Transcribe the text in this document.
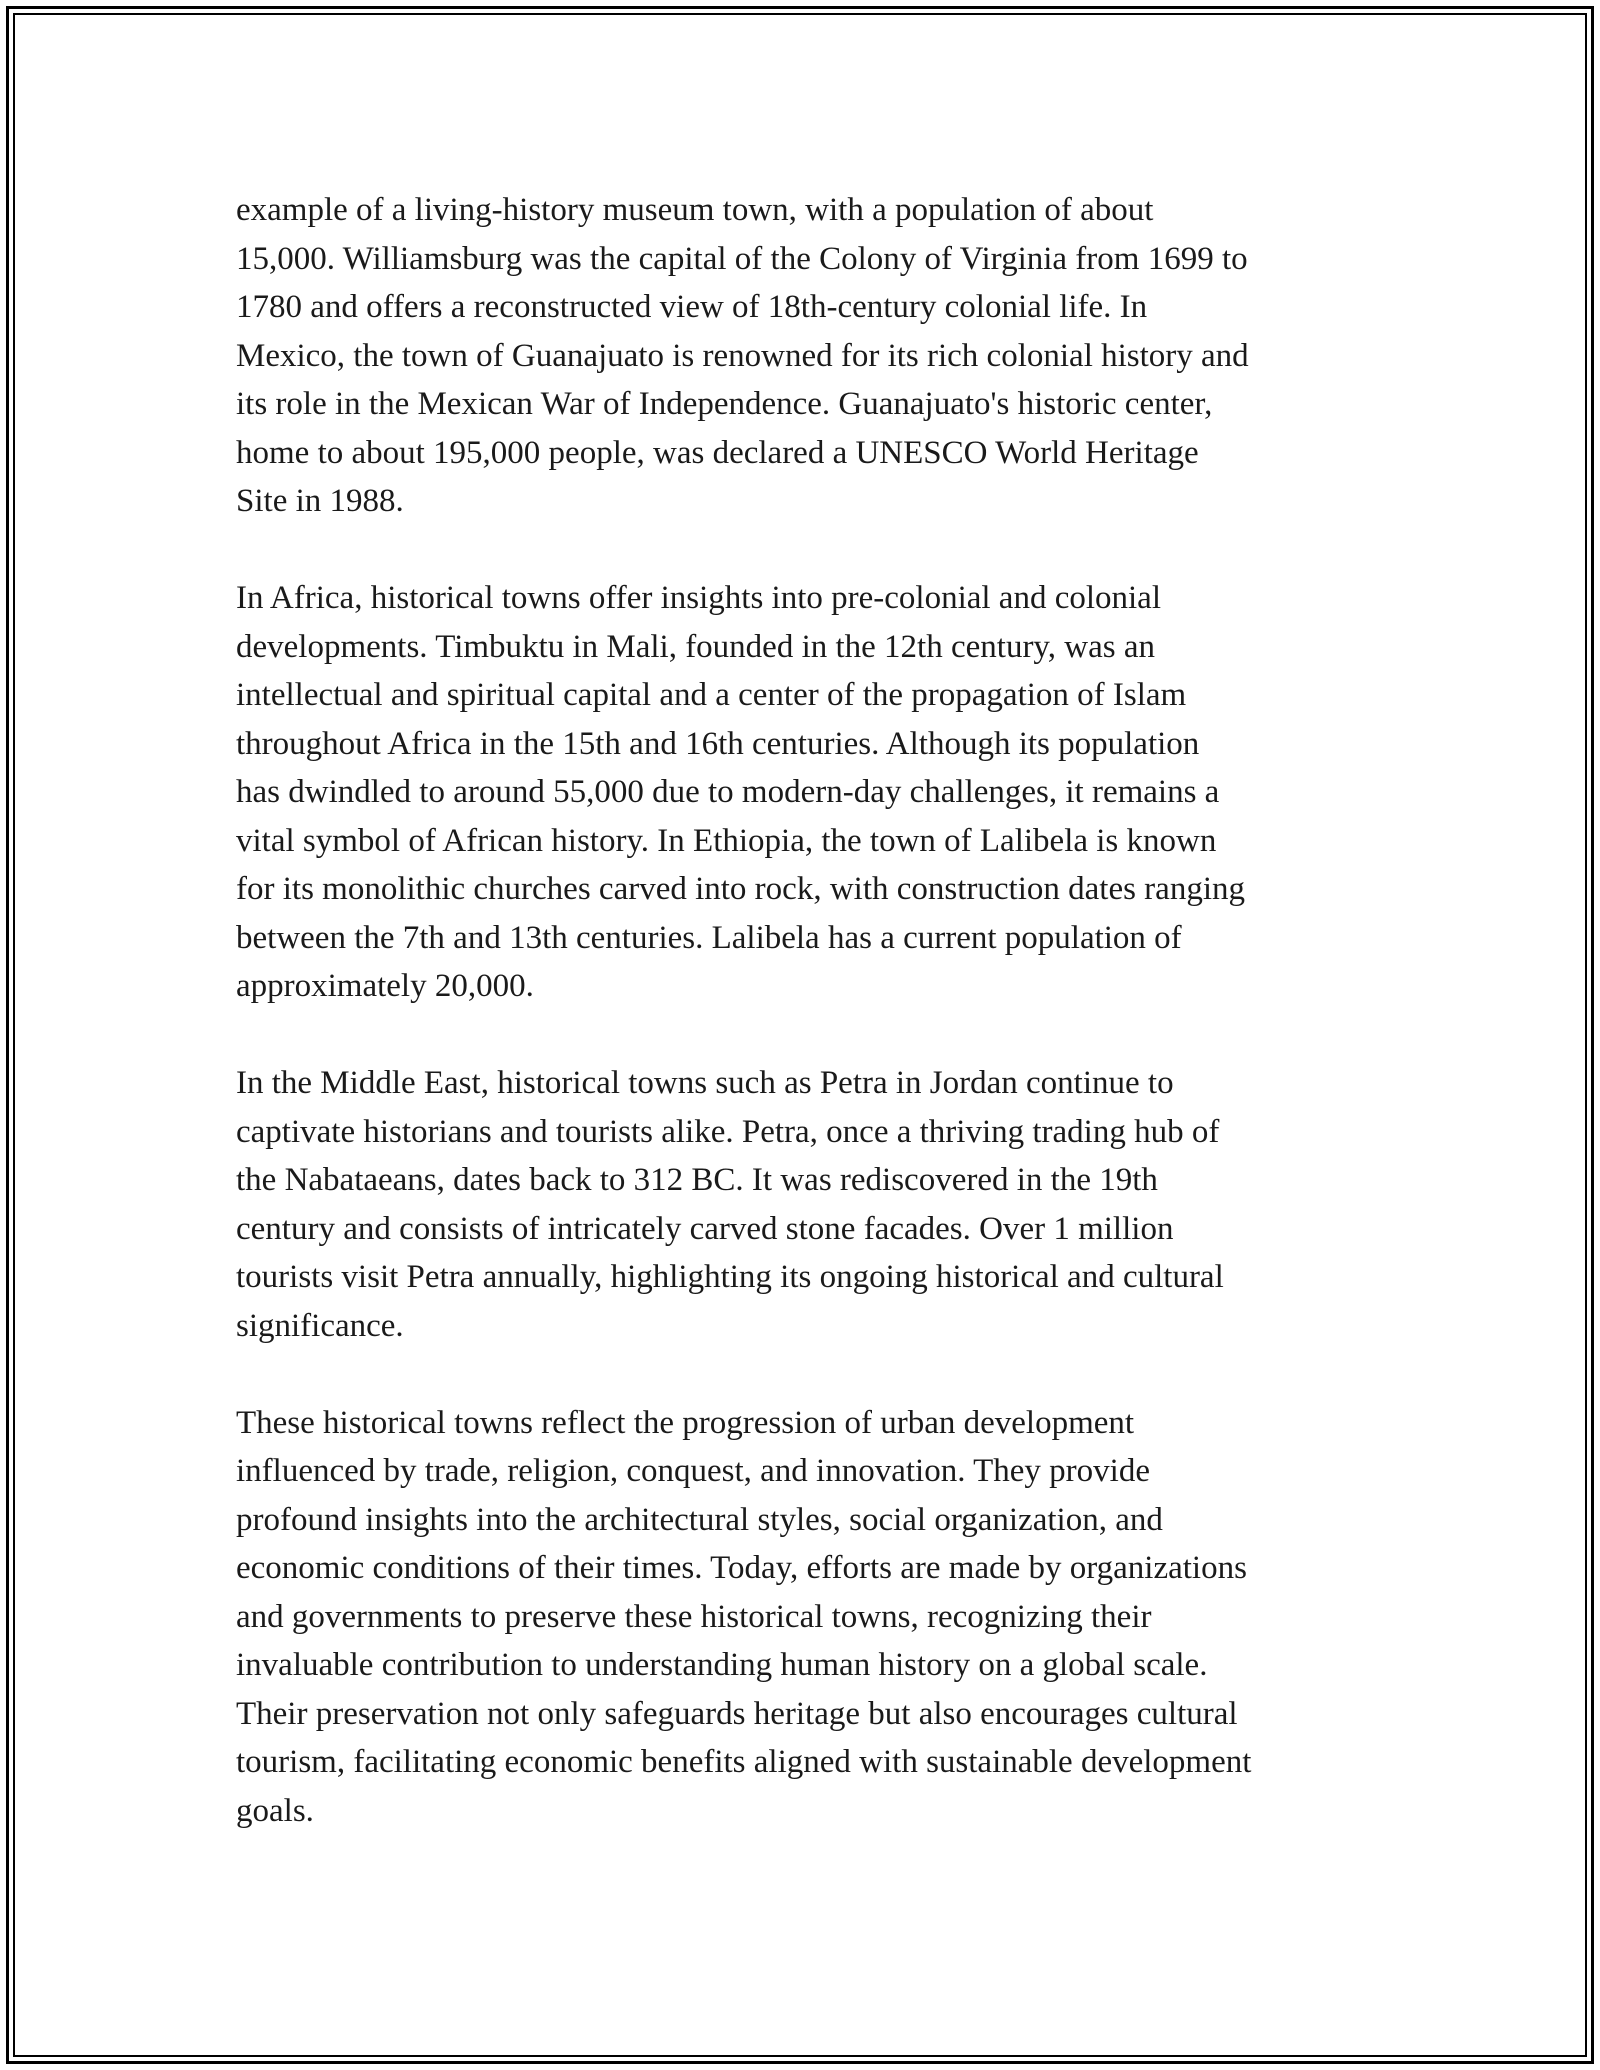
example of a living-history museum town, with a population of about
15,000. Williamsburg was the capital of the Colony of Virginia from 1699 to
1780 and offers a reconstructed view of 18th-century colonial life. In
Mexico, the town of Guanajuato is renowned for its rich colonial history and
its role in the Mexican War of Independence. Guanajuato's historic center,
home to about 195,000 people, was declared a UNESCO World Heritage
Site in 1988.

In Africa, historical towns offer insights into pre-colonial and colonial
developments. Timbuktu in Mali, founded in the 12th century, was an
intellectual and spiritual capital and a center of the propagation of Islam
throughout Africa in the 15th and 16th centuries. Although its population
has dwindled to around 55,000 due to modern-day challenges, it remains a
vital symbol of African history. In Ethiopia, the town of Lalibela is known
for its monolithic churches carved into rock, with construction dates ranging
between the 7th and 13th centuries. Lalibela has a current population of
approximately 20,000.

In the Middle East, historical towns such as Petra in Jordan continue to
captivate historians and tourists alike. Petra, once a thriving trading hub of
the Nabataeans, dates back to 312 BC. It was rediscovered in the 19th
century and consists of intricately carved stone facades. Over 1 million
tourists visit Petra annually, highlighting its ongoing historical and cultural
significance.

These historical towns reflect the progression of urban development
influenced by trade, religion, conquest, and innovation. They provide
profound insights into the architectural styles, social organization, and
economic conditions of their times. Today, efforts are made by organizations
and governments to preserve these historical towns, recognizing their
invaluable contribution to understanding human history on a global scale.
Their preservation not only safeguards heritage but also encourages cultural
tourism, facilitating economic benefits aligned with sustainable development
goals.
